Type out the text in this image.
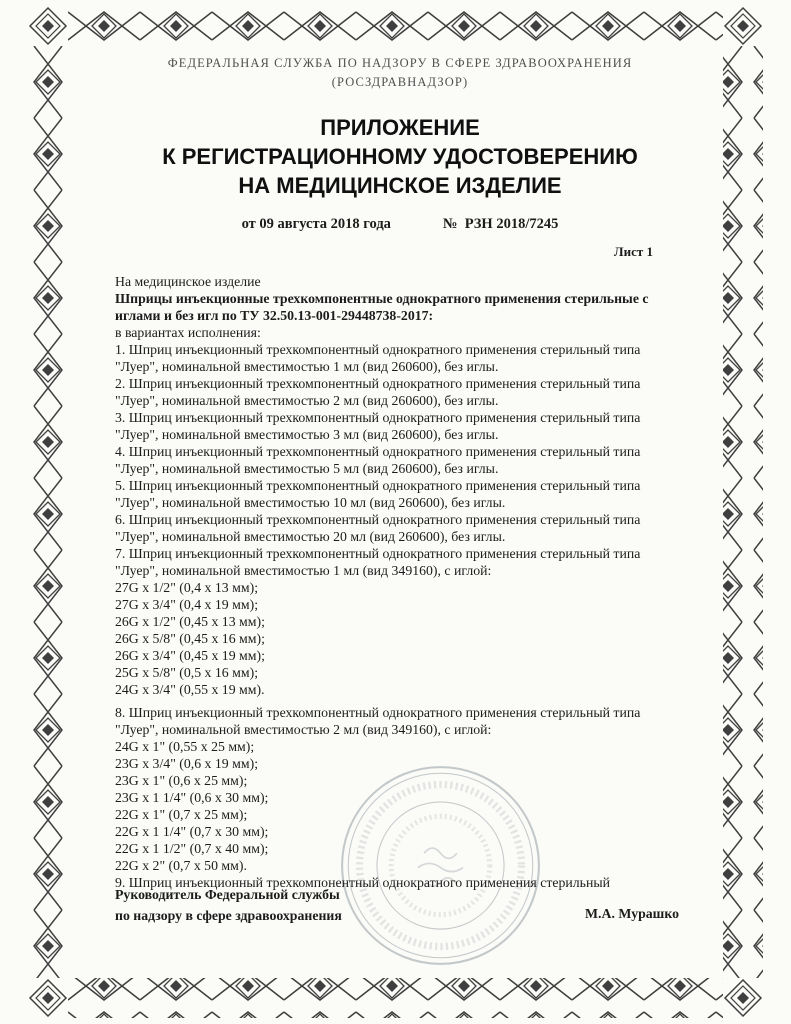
ФЕДЕРАЛЬНАЯ СЛУЖБА ПО НАДЗОРУ В СФЕРЕ ЗДРАВООХРАНЕНИЯ
(РОСЗДРАВНАДЗОР)
ПРИЛОЖЕНИЕ
К РЕГИСТРАЦИОННОМУ УДОСТОВЕРЕНИЮ
НА МЕДИЦИНСКОЕ ИЗДЕЛИЕ
от 09 августа 2018 года	№  РЗН 2018/7245
Лист 1

На медицинское изделие

Шприцы инъекционные трехкомпонентные однократного применения стерильные с иглами и без игл по ТУ 32.50.13-001-29448738-2017:

в вариантах исполнения:

1. Шприц инъекционный трехкомпонентный однократного применения стерильный типа "Луер", номинальной вместимостью 1 мл (вид 260600), без иглы.

2. Шприц инъекционный трехкомпонентный однократного применения стерильный типа "Луер", номинальной вместимостью 2 мл (вид 260600), без иглы.

3. Шприц инъекционный трехкомпонентный однократного применения стерильный типа "Луер", номинальной вместимостью 3 мл (вид 260600), без иглы.

4. Шприц инъекционный трехкомпонентный однократного применения стерильный типа "Луер", номинальной вместимостью 5 мл (вид 260600), без иглы.

5. Шприц инъекционный трехкомпонентный однократного применения стерильный типа "Луер", номинальной вместимостью 10 мл (вид 260600), без иглы.

6. Шприц инъекционный трехкомпонентный однократного применения стерильный типа "Луер", номинальной вместимостью 20 мл (вид 260600), без иглы.

7. Шприц инъекционный трехкомпонентный однократного применения стерильный типа "Луер", номинальной вместимостью 1 мл (вид 349160), с иглой:

27G x 1/2" (0,4 x 13 мм);

27G x 3/4" (0,4 x 19 мм);

26G x 1/2" (0,45 x 13 мм);

26G x 5/8" (0,45 x 16 мм);

26G x 3/4" (0,45 x 19 мм);

25G x 5/8" (0,5 x 16 мм);

24G x 3/4" (0,55 x 19 мм).

8. Шприц инъекционный трехкомпонентный однократного применения стерильный типа "Луер", номинальной вместимостью 2 мл (вид 349160), с иглой:

24G x 1" (0,55 x 25 мм);

23G x 3/4" (0,6 x 19 мм);

23G x 1" (0,6 x 25 мм);

23G x 1 1/4" (0,6 x 30 мм);

22G x 1" (0,7 x 25 мм);

22G x 1 1/4" (0,7 x 30 мм);

22G x 1 1/2" (0,7 x 40 мм);

22G x 2" (0,7 x 50 мм).

9. Шприц инъекционный трехкомпонентный однократного применения стерильный

Руководитель Федеральной службы
по надзору в сфере здравоохранения	М.А. Мурашко
